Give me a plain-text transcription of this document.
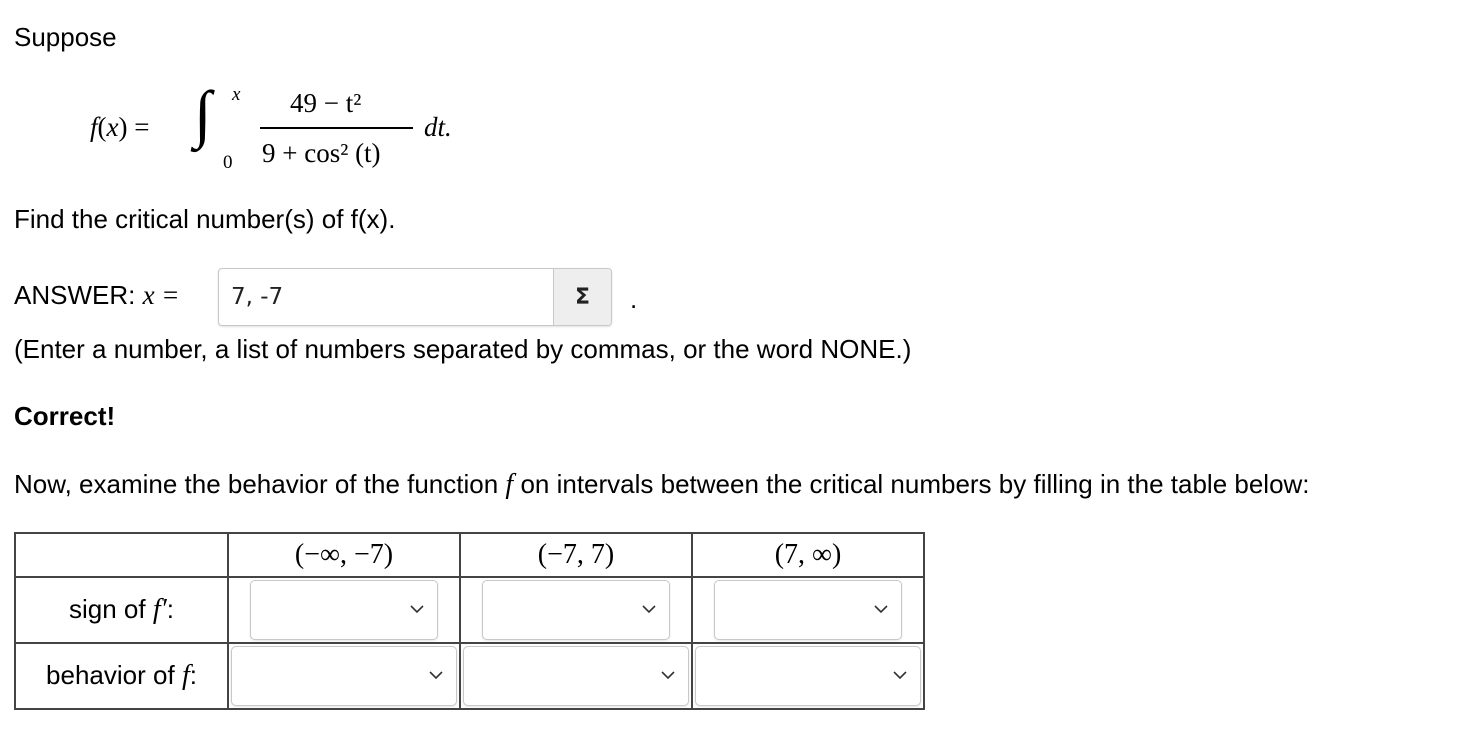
Suppose
f(x) = ∫ x
0
49 − t²
9 + cos² (t)
dt.
Find the critical number(s) of f(x).
ANSWER: x =
7, -7	Σ	.
(Enter a number, a list of numbers separated by commas, or the word NONE.)
Correct!
Now, examine the behavior of the function f on intervals between the critical numbers by filling in the table below:
	(−∞, −7)	(−7, 7)	(7, ∞)
sign of f′:	

behavior of f:	
